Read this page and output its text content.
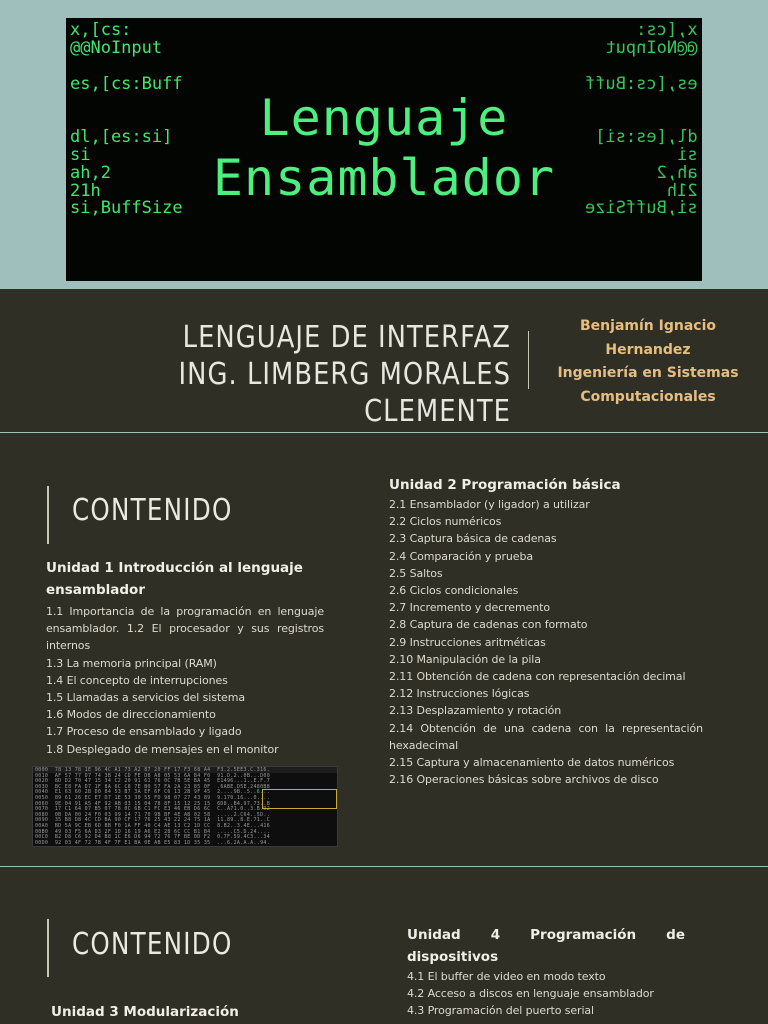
x,[cs:
@@NoInput

es,[cs:Buff

dl,[es:si]
si
ah,2
21h
si,BuffSize
x,[cs:
@@NoInput

es,[cs:Buff

dl,[es:si]
si
ah,2
21h
si,BuffSize
Lenguaje
Ensamblador
LENGUAJE DE INTERFAZ
ING. LIMBERG MORALES CLEMENTE
Benjamín Ignacio
Hernandez
Ingeniería en Sistemas
Computacionales
CONTENIDO
Unidad 1 Introducción al lenguaje ensamblador
1.1 Importancia de la programación en lenguaje ensamblador. 1.2 El procesador y sus registros internos
1.3 La memoria principal (RAM)
1.4 El concepto de interrupciones
1.5 Llamadas a servicios del sistema
1.6 Modos de direccionamiento
1.7 Proceso de ensamblado y ligado
1.8 Desplegado de mensajes en el monitor
0000  78 13 78 1E 96 4C A1 73 A2 87 20 FF 17 F3 68 A4  F3.2.5EE3.C.316.
0010  AF 57 77 D7 74 3B 24 CD FE DB A8 05 53 6A B4 F0  91.D.2..0B...D00
0020  8D D2 70 47 15 34 C2 20 91 61 76 0C 7B 5E BA 45  E1496...1..E.F.7
0030  BC E8 FA D7 1F 8A 6C C8 7E B0 57 FA 2A 23 85 0F  .6ABE.D5E.2480B8
0040  E1 63 60 2B D0 84 53 B7 3A EF 6F C6 13 2B 9F 45  2....9B..5..6...
0050  89 61 26 EC E7 D7 1E 53 30 55 FD 98 07 27 43 89  9.170.16...0....
0060  9E 04 91 A5 4F 92 AB 03 15 04 78 8F 15 12 25 15  6D8..B4.97.73..B
0070  17 C1 64 07 B5 07 78 0C 6B C1 FC E3 46 EB D6 6C  C..A71.0..3.B.D2
0080  0B DA 00 24 F0 03 99 14 71 70 9B BF 4E AB 02 58  .....2.C64..5D..
0090  35 B8 D8 4C CD BA 90 CF 17 76 25 43 22 24 75 1A  11.89..8.E.71..C
00A0  BD 5A 9C EB 6D BB F0 1A FF 40 C4 AE 13 C2 1D CC  8.B2..3.4E...416
00B0  49 03 F5 6A D3 2F 1D 16 19 A6 E2 28 6C CC B1 B4  .....C5.D.24....
00C0  B2 D8 C6 92 D4 B8 1C E6 D6 94 72 76 7F BE 0D F2  0.7F.59.4C3...34
00D0  92 03 4F 72 7B 4F 7F E1 BA 0E AB E5 83 1D 35 35  ...6.2A.A.A..94.

Unidad 2 Programación básica
2.1 Ensamblador (y ligador) a utilizar
2.2 Ciclos numéricos
2.3 Captura básica de cadenas
2.4 Comparación y prueba
2.5 Saltos
2.6 Ciclos condicionales
2.7 Incremento y decremento
2.8 Captura de cadenas con formato
2.9 Instrucciones aritméticas
2.10 Manipulación de la pila
2.11 Obtención de cadena con representación decimal
2.12 Instrucciones lógicas
2.13 Desplazamiento y rotación
2.14 Obtención de una cadena con la representación hexadecimal
2.15 Captura y almacenamiento de datos numéricos
2.16 Operaciones básicas sobre archivos de disco
CONTENIDO
Unidad 3 Modularización
Unidad 4 Programación de dispositivos
4.1 El buffer de video en modo texto
4.2 Acceso a discos en lenguaje ensamblador
4.3 Programación del puerto serial
